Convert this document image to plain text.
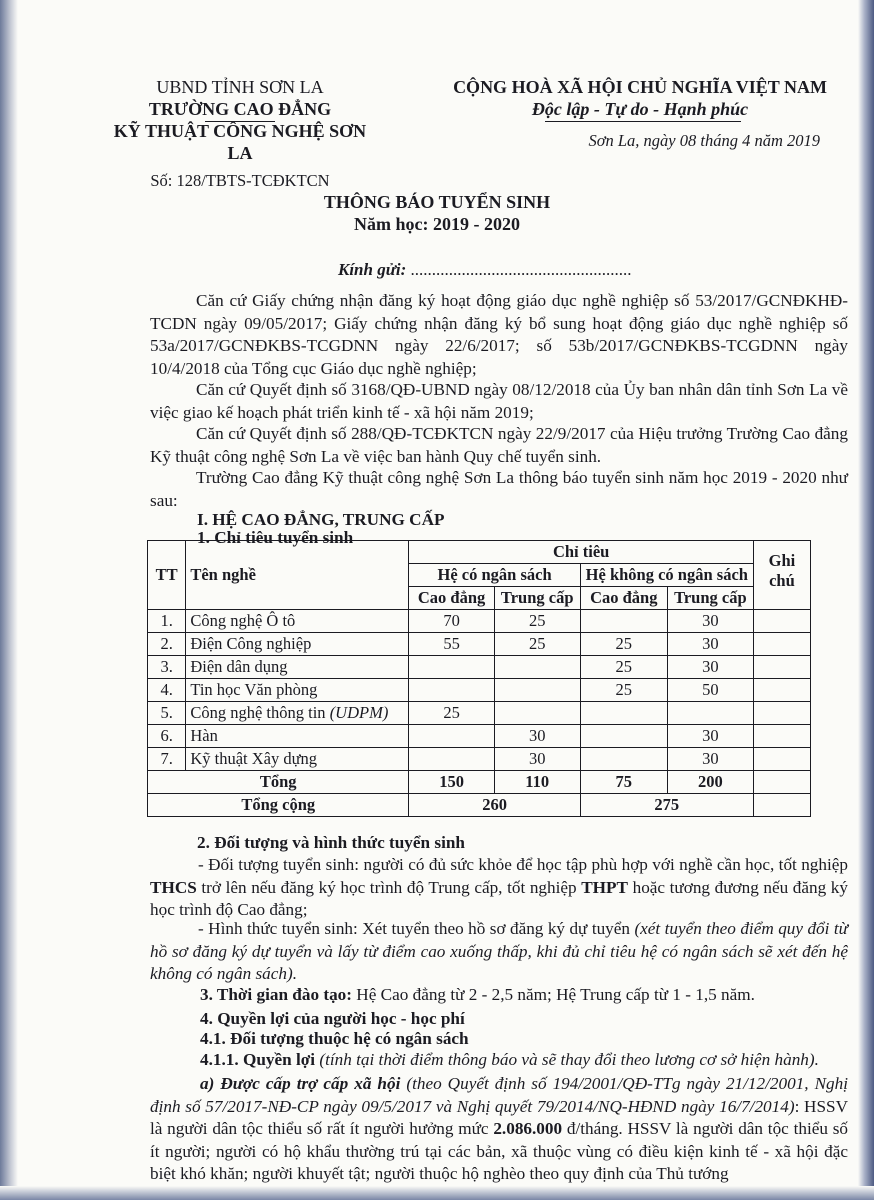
UBND TỈNH SƠN LA
TRƯỜNG CAO ĐẲNG
KỸ THUẬT CÔNG NGHỆ SƠN LA
Số: 128/TBTS-TCĐKTCN
CỘNG HOÀ XÃ HỘI CHỦ NGHĨA VIỆT NAM
Độc lập - Tự do - Hạnh phúc
Sơn La, ngày 08 tháng 4 năm 2019
THÔNG BÁO TUYỂN SINH
Năm học: 2019 - 2020
Kính gửi: ....................................................
Căn cứ Giấy chứng nhận đăng ký hoạt động giáo dục nghề nghiệp số 53/2017/GCNĐKHĐ-TCDN ngày 09/05/2017; Giấy chứng nhận đăng ký bổ sung hoạt động giáo dục nghề nghiệp số 53a/2017/GCNĐKBS-TCGDNN ngày 22/6/2017; số 53b/2017/GCNĐKBS-TCGDNN ngày 10/4/2018 của Tổng cục Giáo dục nghề nghiệp;
Căn cứ Quyết định số 3168/QĐ-UBND ngày 08/12/2018 của Ủy ban nhân dân tỉnh Sơn La về việc giao kế hoạch phát triển kinh tế - xã hội năm 2019;
Căn cứ Quyết định số 288/QĐ-TCĐKTCN ngày 22/9/2017 của Hiệu trưởng Trường Cao đẳng Kỹ thuật công nghệ Sơn La về việc ban hành Quy chế tuyển sinh.
Trường Cao đẳng Kỹ thuật công nghệ Sơn La thông báo tuyển sinh năm học 2019 - 2020 như sau:
I. HỆ CAO ĐẲNG, TRUNG CẤP
1. Chỉ tiêu tuyển sinh
TT	Tên nghề	Chỉ tiêu				Ghi chú
		Hệ có ngân sách		Hệ không có ngân sách		
		Cao đẳng	Trung cấp	Cao đẳng	Trung cấp	
1.	Công nghệ Ô tô	70	25		30	
2.	Điện Công nghiệp	55	25	25	30	
3.	Điện dân dụng			25	30	
4.	Tin học Văn phòng			25	50	
5.	Công nghệ thông tin (UDPM)	25				
6.	Hàn		30		30	
7.	Kỹ thuật Xây dựng		30		30	
Tổng		150	110	75	200	
Tổng cộng		260		275		
2. Đối tượng và hình thức tuyển sinh
- Đối tượng tuyển sinh: người có đủ sức khỏe để học tập phù hợp với nghề cần học, tốt nghiệp THCS trở lên nếu đăng ký học trình độ Trung cấp, tốt nghiệp THPT hoặc tương đương nếu đăng ký học trình độ Cao đẳng;
- Hình thức tuyển sinh: Xét tuyển theo hồ sơ đăng ký dự tuyển (xét tuyển theo điểm quy đổi từ hồ sơ đăng ký dự tuyển và lấy từ điểm cao xuống thấp, khi đủ chỉ tiêu hệ có ngân sách sẽ xét đến hệ không có ngân sách).
3. Thời gian đào tạo: Hệ Cao đẳng từ 2 - 2,5 năm; Hệ Trung cấp từ 1 - 1,5 năm.
4. Quyền lợi của người học - học phí
4.1. Đối tượng thuộc hệ có ngân sách
4.1.1. Quyền lợi (tính tại thời điểm thông báo và sẽ thay đổi theo lương cơ sở hiện hành).
a) Được cấp trợ cấp xã hội (theo Quyết định số 194/2001/QĐ-TTg ngày 21/12/2001, Nghị định số 57/2017-NĐ-CP ngày 09/5/2017 và Nghị quyết 79/2014/NQ-HĐND ngày 16/7/2014): HSSV là người dân tộc thiểu số rất ít người hưởng mức 2.086.000 đ/tháng. HSSV là người dân tộc thiểu số ít người; người có hộ khẩu thường trú tại các bản, xã thuộc vùng có điều kiện kinh tế - xã hội đặc biệt khó khăn; người khuyết tật; người thuộc hộ nghèo theo quy định của Thủ tướng
